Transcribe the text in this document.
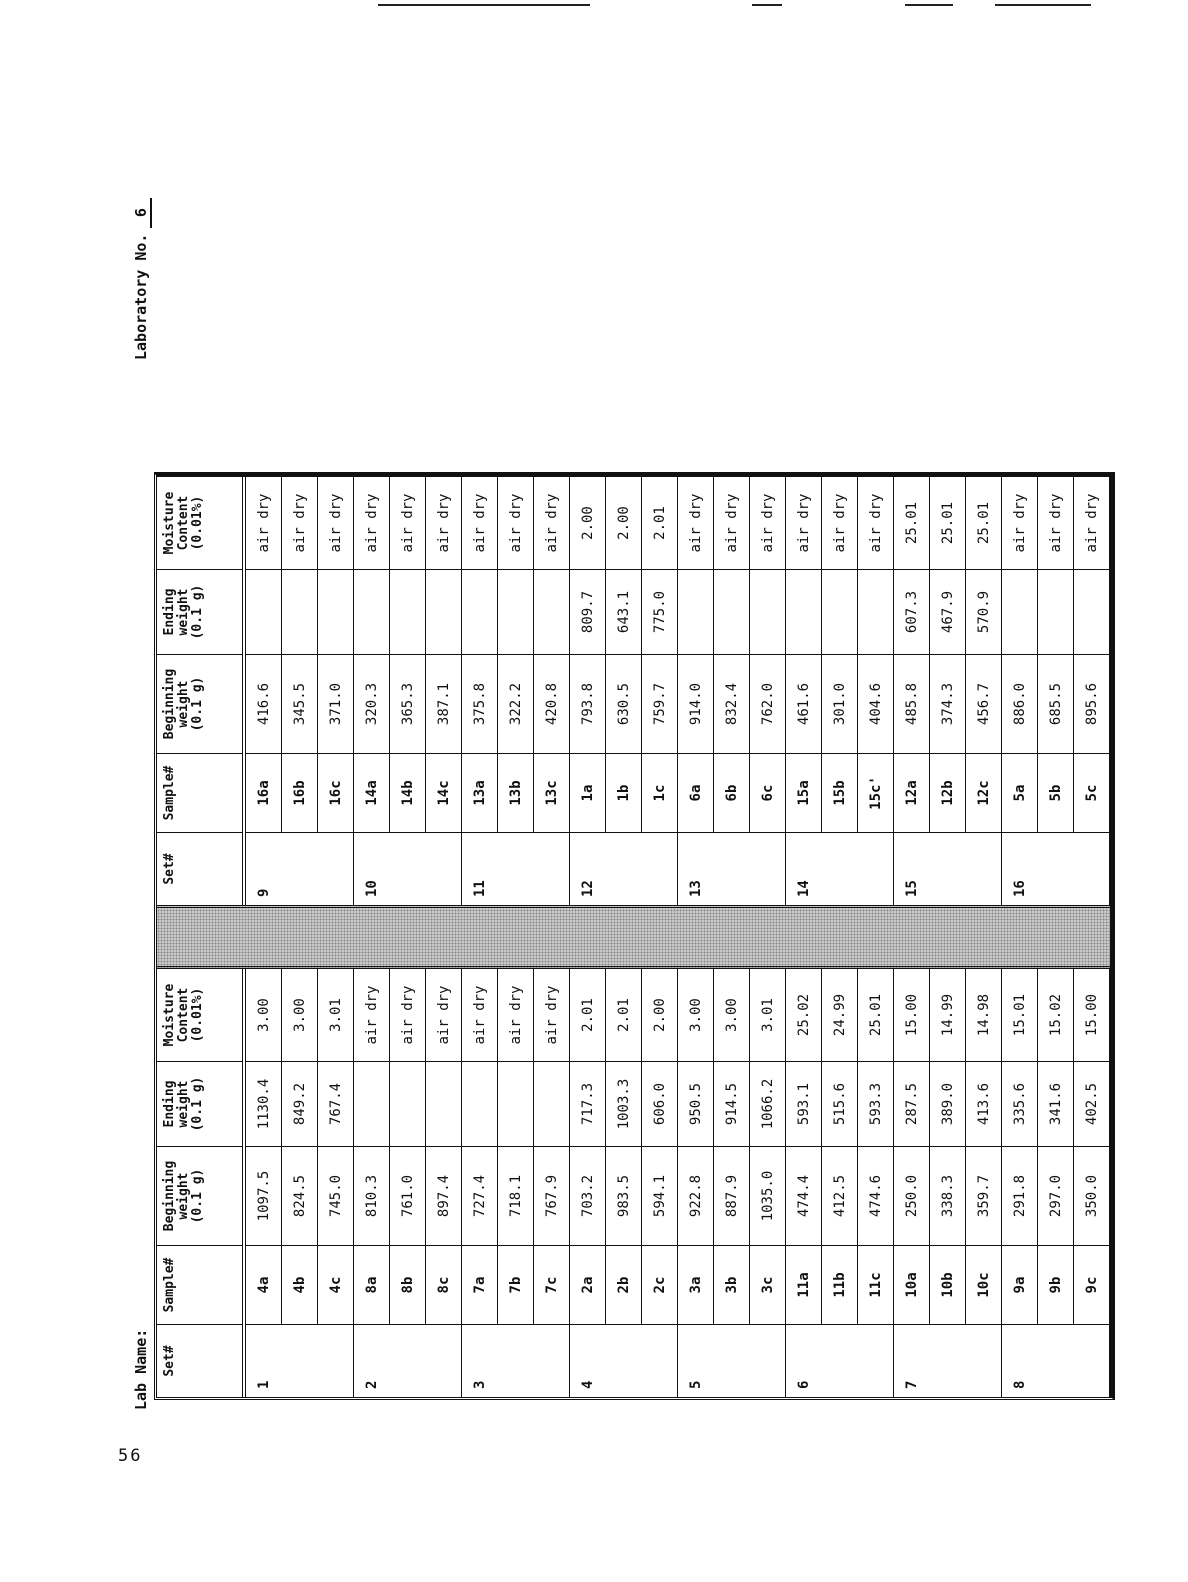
Lab Name:
Laboratory No.6
Set#	Sample#	Beginning
weight
(0.1 g)	Ending
weight
(0.1 g)	Moisture
Content
(0.01%)
1	4a	1097.5	1130.4	3.00
	4b	824.5	849.2	3.00
	4c	745.0	767.4	3.01
2	8a	810.3		air dry
	8b	761.0		air dry
	8c	897.4		air dry
3	7a	727.4		air dry
	7b	718.1		air dry
	7c	767.9		air dry
4	2a	703.2	717.3	2.01
	2b	983.5	1003.3	2.01
	2c	594.1	606.0	2.00
5	3a	922.8	950.5	3.00
	3b	887.9	914.5	3.00
	3c	1035.0	1066.2	3.01
6	11a	474.4	593.1	25.02
	11b	412.5	515.6	24.99
	11c	474.6	593.3	25.01
7	10a	250.0	287.5	15.00
	10b	338.3	389.0	14.99
	10c	359.7	413.6	14.98
8	9a	291.8	335.6	15.01
	9b	297.0	341.6	15.02
	9c	350.0	402.5	15.00
Set#	Sample#	Beginning
weight
(0.1 g)	Ending
weight
(0.1 g)	Moisture
Content
(0.01%)
9	16a	416.6		air dry
	16b	345.5		air dry
	16c	371.0		air dry
10	14a	320.3		air dry
	14b	365.3		air dry
	14c	387.1		air dry
11	13a	375.8		air dry
	13b	322.2		air dry
	13c	420.8		air dry
12	1a	793.8	809.7	2.00
	1b	630.5	643.1	2.00
	1c	759.7	775.0	2.01
13	6a	914.0		air dry
	6b	832.4		air dry
	6c	762.0		air dry
14	15a	461.6		air dry
	15b	301.0		air dry
	15c'	404.6		air dry
15	12a	485.8	607.3	25.01
	12b	374.3	467.9	25.01
	12c	456.7	570.9	25.01
16	5a	886.0		air dry
	5b	685.5		air dry
	5c	895.6		air dry
56
